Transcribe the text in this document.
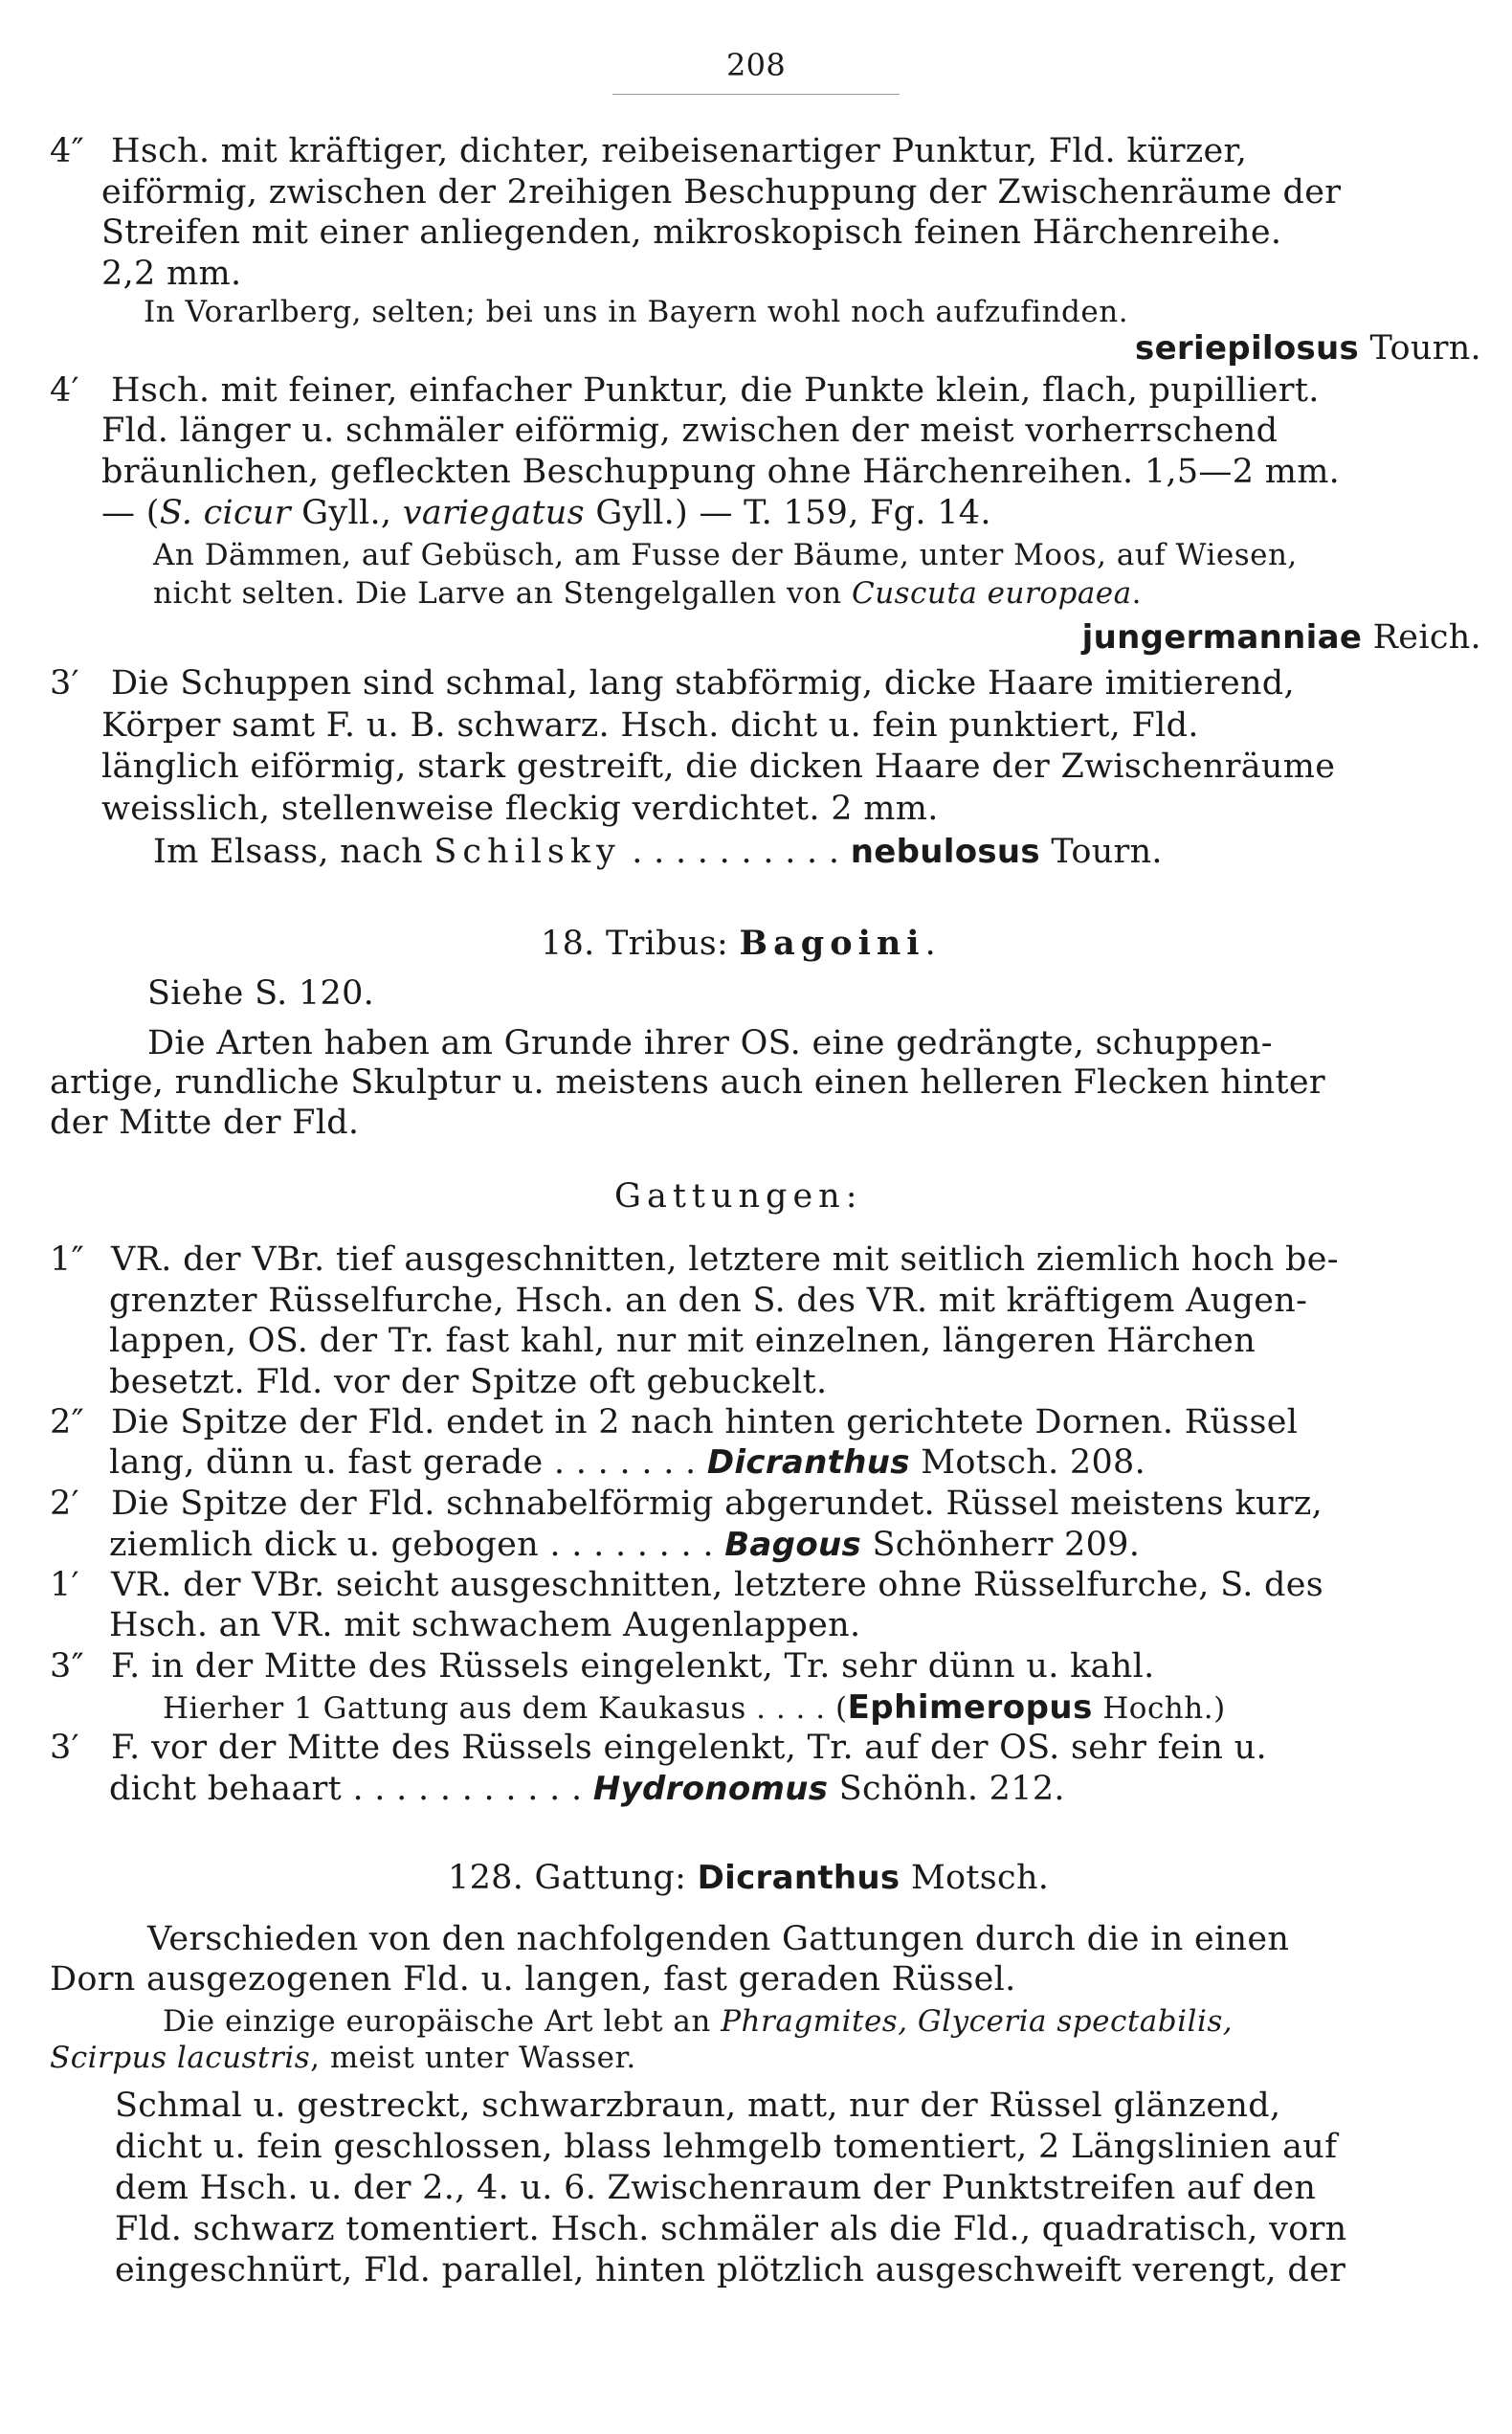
208
4″ Hsch. mit kräftiger, dichter, reibeisenartiger Punktur, Fld. kürzer,
eiförmig, zwischen der 2reihigen Beschuppung der Zwischenräume der
Streifen mit einer anliegenden, mikroskopisch feinen Härchenreihe.
2,2 mm.
In Vorarlberg, selten; bei uns in Bayern wohl noch aufzufinden.
seriepilosus Tourn.
4′ Hsch. mit feiner, einfacher Punktur, die Punkte klein, flach, pupilliert.
Fld. länger u. schmäler eiförmig, zwischen der meist vorherrschend
bräunlichen, gefleckten Beschuppung ohne Härchenreihen. 1,5—2 mm.
— (S. cicur Gyll., variegatus Gyll.) — T. 159, Fg. 14.
An Dämmen, auf Gebüsch, am Fusse der Bäume, unter Moos, auf Wiesen,
nicht selten. Die Larve an Stengelgallen von Cuscuta europaea.
jungermanniae Reich.
3′ Die Schuppen sind schmal, lang stabförmig, dicke Haare imitierend,
Körper samt F. u. B. schwarz. Hsch. dicht u. fein punktiert, Fld.
länglich eiförmig, stark gestreift, die dicken Haare der Zwischenräume
weisslich, stellenweise fleckig verdichtet. 2 mm.
Im Elsass, nach Schilsky . . . . . . . . . . nebulosus Tourn.
18. Tribus: Bagoini.
Siehe S. 120.
Die Arten haben am Grunde ihrer OS. eine gedrängte, schuppen-
artige, rundliche Skulptur u. meistens auch einen helleren Flecken hinter
der Mitte der Fld.
Gattungen:
1″ VR. der VBr. tief ausgeschnitten, letztere mit seitlich ziemlich hoch be-
grenzter Rüsselfurche, Hsch. an den S. des VR. mit kräftigem Augen-
lappen, OS. der Tr. fast kahl, nur mit einzelnen, längeren Härchen
besetzt. Fld. vor der Spitze oft gebuckelt.
2″ Die Spitze der Fld. endet in 2 nach hinten gerichtete Dornen. Rüssel
lang, dünn u. fast gerade . . . . . . . Dicranthus Motsch. 208.
2′ Die Spitze der Fld. schnabelförmig abgerundet. Rüssel meistens kurz,
ziemlich dick u. gebogen . . . . . . . . Bagous Schönherr 209.
1′ VR. der VBr. seicht ausgeschnitten, letztere ohne Rüsselfurche, S. des
Hsch. an VR. mit schwachem Augenlappen.
3″ F. in der Mitte des Rüssels eingelenkt, Tr. sehr dünn u. kahl.
Hierher 1 Gattung aus dem Kaukasus . . . . (Ephimeropus Hochh.)
3′ F. vor der Mitte des Rüssels eingelenkt, Tr. auf der OS. sehr fein u.
dicht behaart . . . . . . . . . . . Hydronomus Schönh. 212.
128. Gattung: Dicranthus Motsch.
Verschieden von den nachfolgenden Gattungen durch die in einen
Dorn ausgezogenen Fld. u. langen, fast geraden Rüssel.
Die einzige europäische Art lebt an Phragmites, Glyceria spectabilis,
Scirpus lacustris, meist unter Wasser.
Schmal u. gestreckt, schwarzbraun, matt, nur der Rüssel glänzend,
dicht u. fein geschlossen, blass lehmgelb tomentiert, 2 Längslinien auf
dem Hsch. u. der 2., 4. u. 6. Zwischenraum der Punktstreifen auf den
Fld. schwarz tomentiert. Hsch. schmäler als die Fld., quadratisch, vorn
eingeschnürt, Fld. parallel, hinten plötzlich ausgeschweift verengt, der
